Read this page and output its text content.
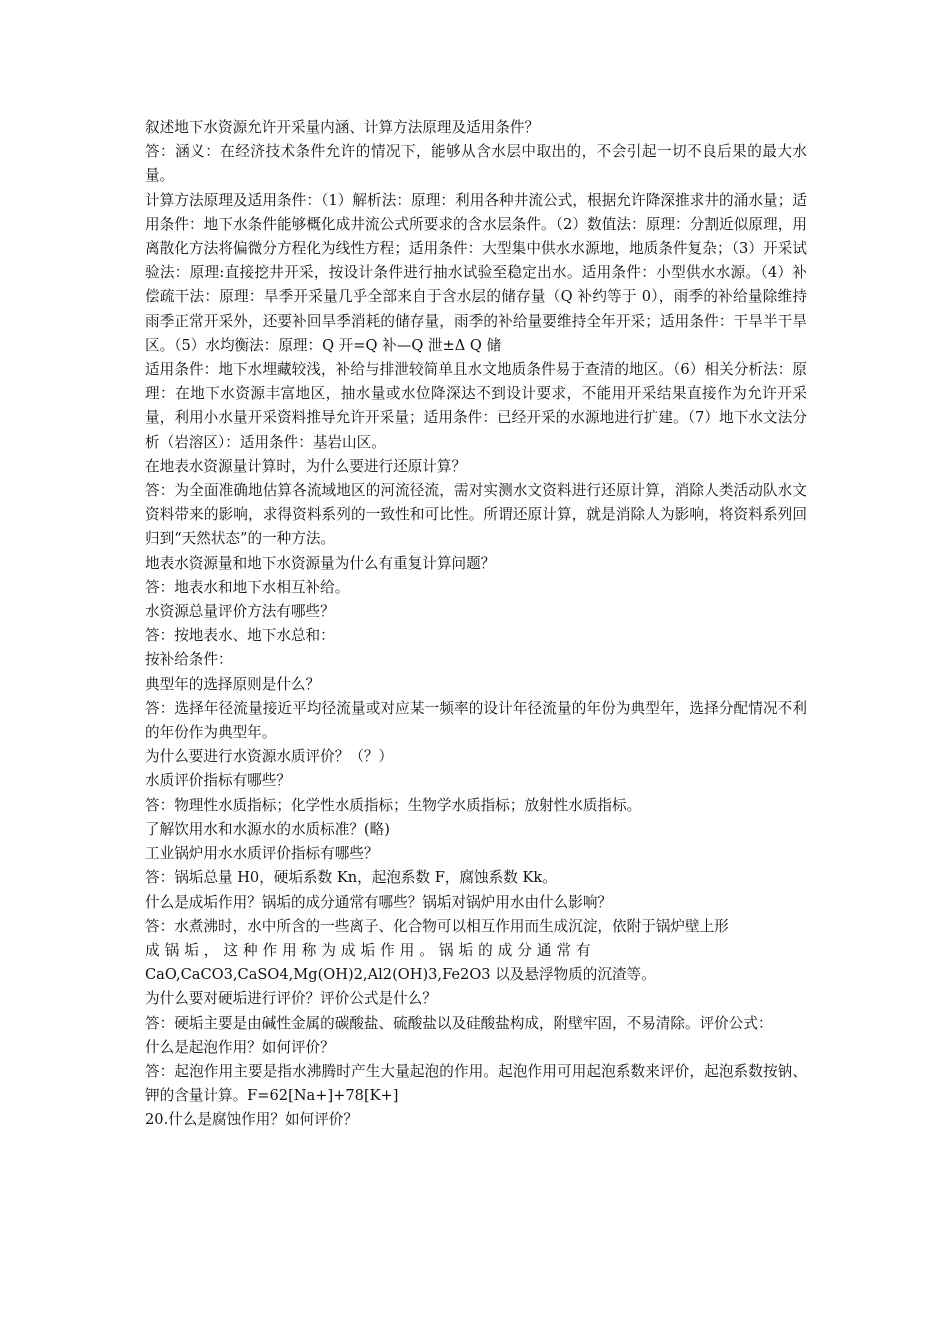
叙述地下水资源允许开采量内涵、计算方法原理及适用条件？

答：涵义：在经济技术条件允许的情况下，能够从含水层中取出的，不会引起一切不良后果的最大水量。

计算方法原理及适用条件：（1）解析法：原理：利用各种井流公式，根据允许降深推求井的涌水量；适用条件：地下水条件能够概化成井流公式所要求的含水层条件。（2）数值法：原理：分割近似原理，用离散化方法将偏微分方程化为线性方程；适用条件：大型集中供水水源地，地质条件复杂；（3）开采试验法：原理:直接挖井开采，按设计条件进行抽水试验至稳定出水。适用条件：小型供水水源。（4）补偿疏干法：原理：旱季开采量几乎全部来自于含水层的储存量（Q 补约等于 0），雨季的补给量除维持雨季正常开采外，还要补回旱季消耗的储存量，雨季的补给量要维持全年开采；适用条件：干旱半干旱区。（5）水均衡法：原理：Q 开=Q 补—Q 泄±Δ Q 储

适用条件：地下水埋藏较浅，补给与排泄较简单且水文地质条件易于查清的地区。（6）相关分析法：原理：在地下水资源丰富地区，抽水量或水位降深达不到设计要求，不能用开采结果直接作为允许开采量，利用小水量开采资料推导允许开采量；适用条件：已经开采的水源地进行扩建。（7）地下水文法分析（岩溶区）：适用条件：基岩山区。

在地表水资源量计算时，为什么要进行还原计算？

答：为全面准确地估算各流域地区的河流径流，需对实测水文资料进行还原计算，消除人类活动队水文资料带来的影响，求得资料系列的一致性和可比性。所谓还原计算，就是消除人为影响，将资料系列回归到“天然状态”的一种方法。

地表水资源量和地下水资源量为什么有重复计算问题？

答：地表水和地下水相互补给。

水资源总量评价方法有哪些？

答：按地表水、地下水总和：

按补给条件：

典型年的选择原则是什么？

答：选择年径流量接近平均径流量或对应某一频率的设计年径流量的年份为典型年，选择分配情况不利的年份作为典型年。

为什么要进行水资源水质评价？（？）

水质评价指标有哪些？

答：物理性水质指标；化学性水质指标；生物学水质指标；放射性水质指标。

了解饮用水和水源水的水质标准？(略)

工业锅炉用水水质评价指标有哪些？

答：锅垢总量 H0，硬垢系数 Kn，起泡系数 F，腐蚀系数 Kk。

什么是成垢作用？锅垢的成分通常有哪些？锅垢对锅炉用水由什么影响？

答：水煮沸时，水中所含的一些离子、化合物可以相互作用而生成沉淀，依附于锅炉壁上形

成锅垢，这种作用称为成垢作用。锅垢的成分通常有

CaO,CaCO3,CaSO4,Mg(OH)2,Al2(OH)3,Fe2O3 以及悬浮物质的沉渣等。

为什么要对硬垢进行评价？评价公式是什么？

答：硬垢主要是由碱性金属的碳酸盐、硫酸盐以及硅酸盐构成，附壁牢固，不易清除。评价公式：

什么是起泡作用？如何评价？

答：起泡作用主要是指水沸腾时产生大量起泡的作用。起泡作用可用起泡系数来评价，起泡系数按钠、钾的含量计算。F=62[Na+]+78[K+]

20.什么是腐蚀作用？如何评价？
